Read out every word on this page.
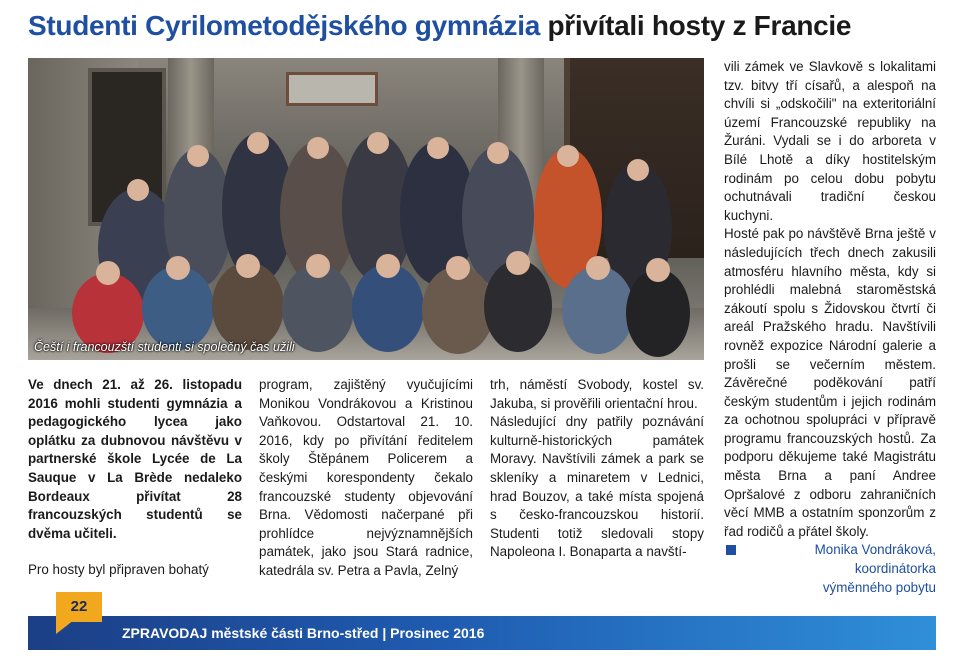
Studenti Cyrilometodějského gymnázia přivítali hosty z Francie
Čeští i francouzští studenti si společný čas užili

Ve dnech 21. až 26. listopadu 2016 mohli studenti gymnázia a pedagogického lycea jako oplátku za dubnovou návštěvu v partnerské škole Lycée de La Sauque v La Brède nedaleko Bordeaux přivítat 28 francouzských studentů se dvěma učiteli.

Pro hosty byl připraven bohatý

program, zajištěný vyučujícími Monikou Vondrákovou a Kristinou Vaňkovou. Odstartoval 21. 10. 2016, kdy po přivítání ředitelem školy Štěpánem Policerem a českými korespondenty čekalo francouzské studenty objevování Brna. Vědomosti načerpané při prohlídce nejvýznamnějších památek, jako jsou Stará radnice, katedrála sv. Petra a Pavla, Zelný

trh, náměstí Svobody, kostel sv. Jakuba, si prověřili orientační hrou.

Následující dny patřily poznávání kulturně-historických památek Moravy. Navštívili zámek a park se skleníky a minaretem v Lednici, hrad Bouzov, a také místa spojená s česko-francouzskou historií. Studenti totiž sledovali stopy Napoleona I. Bonaparta a navští-

vili zámek ve Slavkově s lokalitami tzv. bitvy tří císařů, a alespoň na chvíli si „odskočili" na exteritoriální území Francouzské republiky na Žuráni. Vydali se i do arboreta v Bílé Lhotě a díky hostitelským rodinám po celou dobu pobytu ochutnávali tradiční českou kuchyni.

Hosté pak po návštěvě Brna ještě v následujících třech dnech zakusili atmosféru hlavního města, kdy si prohlédli malebná staroměstská zákoutí spolu s Židovskou čtvrtí či areál Pražského hradu. Navštívili rovněž expozice Národní galerie a prošli se večerním městem. Závěrečné poděkování patří českým studentům i jejich rodinám za ochotnou spolupráci v přípravě programu francouzských hostů. Za podporu děkujeme také Magistrátu města Brna a paní Andree Opršalové z odboru zahraničních věcí MMB a ostatním sponzorům z řad rodičů a přátel školy.

Monika Vondráková,
koordinátorka
výměnného pobytu
ZPRAVODAJ městské části Brno-střed | Prosinec 2016
22
